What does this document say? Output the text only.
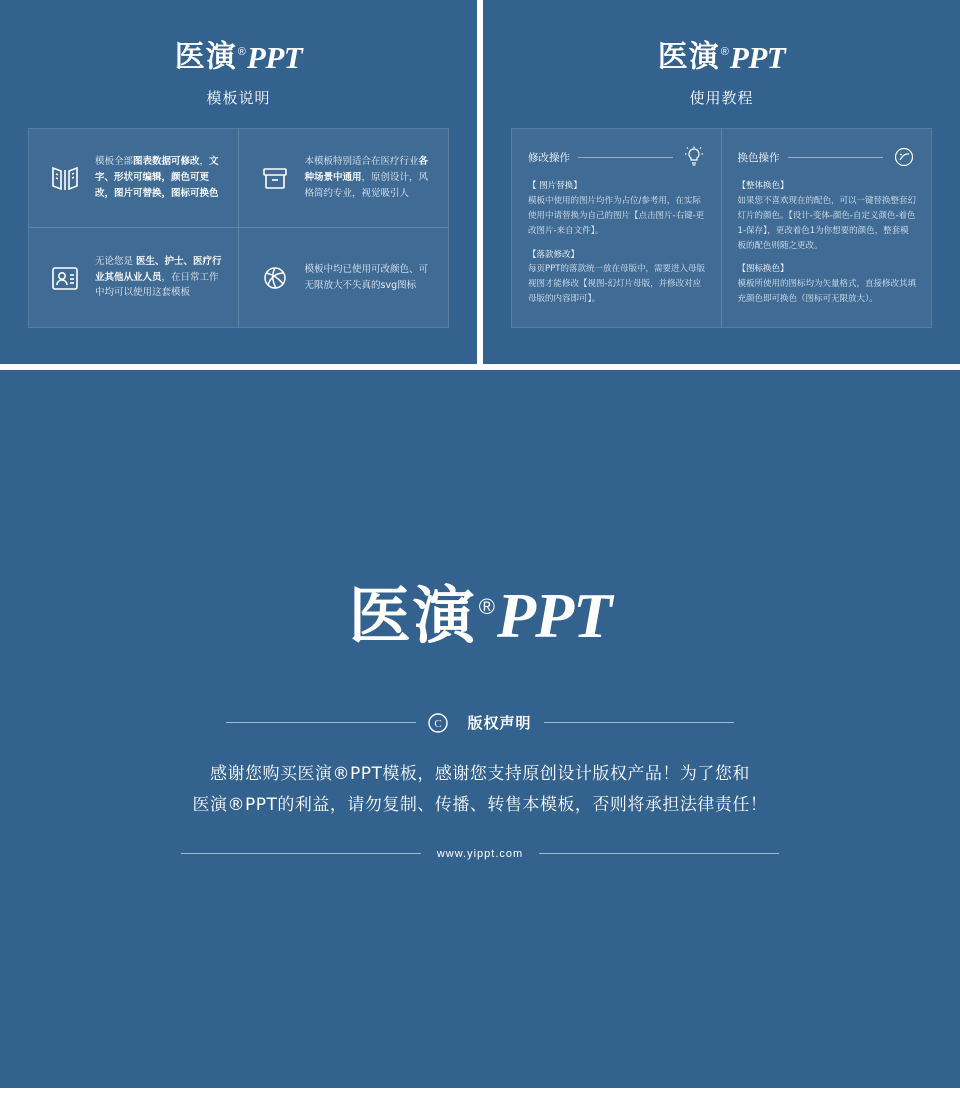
医演®PPT
模板说明
模板全部图表数据可修改，文字、形状可编辑，颜色可更改，图片可替换，图标可换色
本模板特别适合在医疗行业各种场景中通用，原创设计，风格简约专业，视觉吸引人
无论您是 医生、护士、医疗行业其他从业人员，在日常工作中均可以使用这套模板
模板中均已使用可改颜色、可无限放大不失真的svg图标
医演®PPT
使用教程
修改操作
【 图片替换】
模板中使用的图片均作为占位/参考用，在实际使用中请替换为自己的图片【点击图片-右键-更改图片-来自文件】。
【落款修改】
每页PPT的落款统一放在母版中，需要进入母版视图才能修改【视图-幻灯片母版，并修改对应母版的内容即可】。
换色操作
【整体换色】
如果您不喜欢现在的配色，可以一键替换整套幻灯片的颜色。【设计-变体-颜色-自定义颜色-着色1-保存】，更改着色1为你想要的颜色，整套模板的配色则随之更改。
【图标换色】
模板所使用的图标均为矢量格式，直接修改其填充颜色即可换色（图标可无限放大）。
医演®PPT
C 版权声明
感谢您购买医演®PPT模板，感谢您支持原创设计版权产品！为了您和
医演®PPT的利益，请勿复制、传播、转售本模板，否则将承担法律责任！
www.yippt.com
